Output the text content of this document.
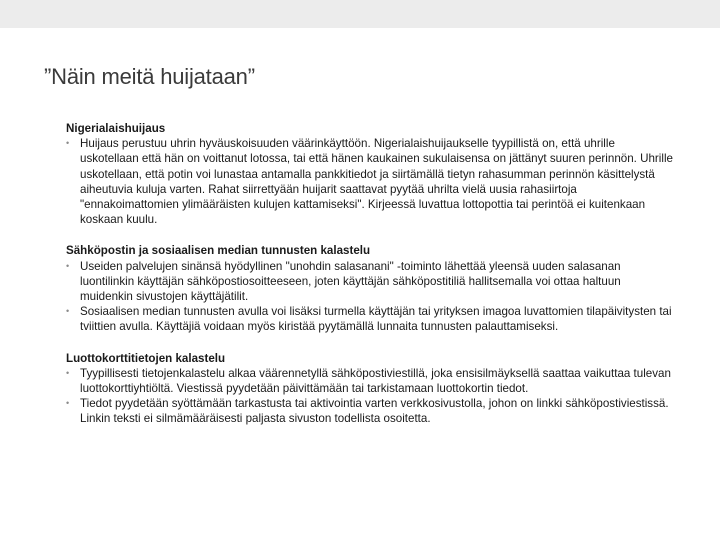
”Näin meitä huijataan”

Nigerialaishuijaus

• Huijaus perustuu uhrin hyväuskoisuuden väärinkäyttöön. Nigerialaishuijaukselle tyypillistä on, että uhrille uskotellaan että hän on voittanut lotossa, tai että hänen kaukainen sukulaisensa on jättänyt suuren perinnön. Uhrille uskotellaan, että potin voi lunastaa antamalla pankkitiedot ja siirtämällä tietyn rahasumman perinnön käsittelystä aiheutuvia kuluja varten. Rahat siirrettyään huijarit saattavat pyytää uhrilta vielä uusia rahasiirtoja "ennakoimattomien ylimääräisten kulujen kattamiseksi". Kirjeessä luvattua lottopottia tai perintöä ei kuitenkaan koskaan kuulu.

Sähköpostin ja sosiaalisen median tunnusten kalastelu

• Useiden palvelujen sinänsä hyödyllinen "unohdin salasanani" -toiminto lähettää yleensä uuden salasanan luontilinkin käyttäjän sähköpostiosoitteeseen, joten käyttäjän sähköpostitiliä hallitsemalla voi ottaa haltuun muidenkin sivustojen käyttäjätilit.
• Sosiaalisen median tunnusten avulla voi lisäksi turmella käyttäjän tai yrityksen imagoa luvattomien tilapäivitysten tai tviittien avulla. Käyttäjiä voidaan myös kiristää pyytämällä lunnaita tunnusten palauttamiseksi.

Luottokorttitietojen kalastelu

• Tyypillisesti tietojenkalastelu alkaa väärennetyllä sähköpostiviestillä, joka ensisilmäyksellä saattaa vaikuttaa tulevan luottokorttiyhtiöltä. Viestissä pyydetään päivittämään tai tarkistamaan luottokortin tiedot.
• Tiedot pyydetään syöttämään tarkastusta tai aktivointia varten verkkosivustolla, johon on linkki sähköpostiviestissä. Linkin teksti ei silmämääräisesti paljasta sivuston todellista osoitetta.
